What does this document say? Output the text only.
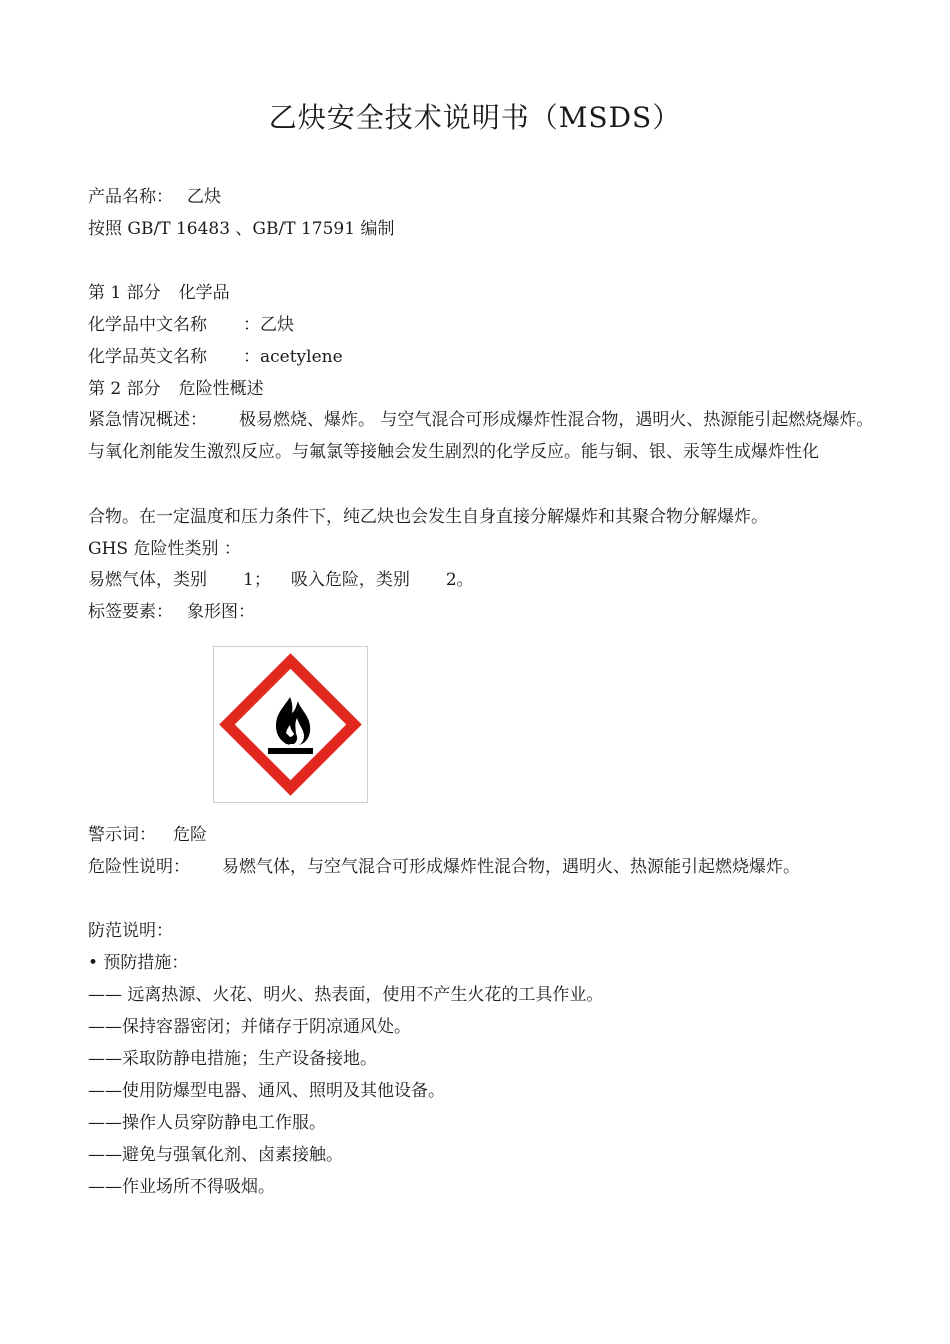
乙炔安全技术说明书（MSDS）
产品名称： 乙炔
按照 GB/T 16483 、GB/T 17591 编制
第 1 部分 化学品
化学品中文名称 ：乙炔
化学品英文名称 ：acetylene
第 2 部分 危险性概述
紧急情况概述： 极易燃烧、爆炸。 与空气混合可形成爆炸性混合物，遇明火、热源能引起燃烧爆炸。与氧化剂能发生激烈反应。与氟氯等接触会发生剧烈的化学反应。能与铜、银、汞等生成爆炸性化
合物。在一定温度和压力条件下，纯乙炔也会发生自身直接分解爆炸和其聚合物分解爆炸。
GHS 危险性类别 ：
易燃气体，类别 1； 吸入危险，类别 2。
标签要素： 象形图：
警示词： 危险
危险性说明： 易燃气体，与空气混合可形成爆炸性混合物，遇明火、热源能引起燃烧爆炸。
防范说明：
• 预防措施：
—— 远离热源、火花、明火、热表面，使用不产生火花的工具作业。
——保持容器密闭；并储存于阴凉通风处。
——采取防静电措施；生产设备接地。
——使用防爆型电器、通风、照明及其他设备。
——操作人员穿防静电工作服。
——避免与强氧化剂、卤素接触。
——作业场所不得吸烟。
